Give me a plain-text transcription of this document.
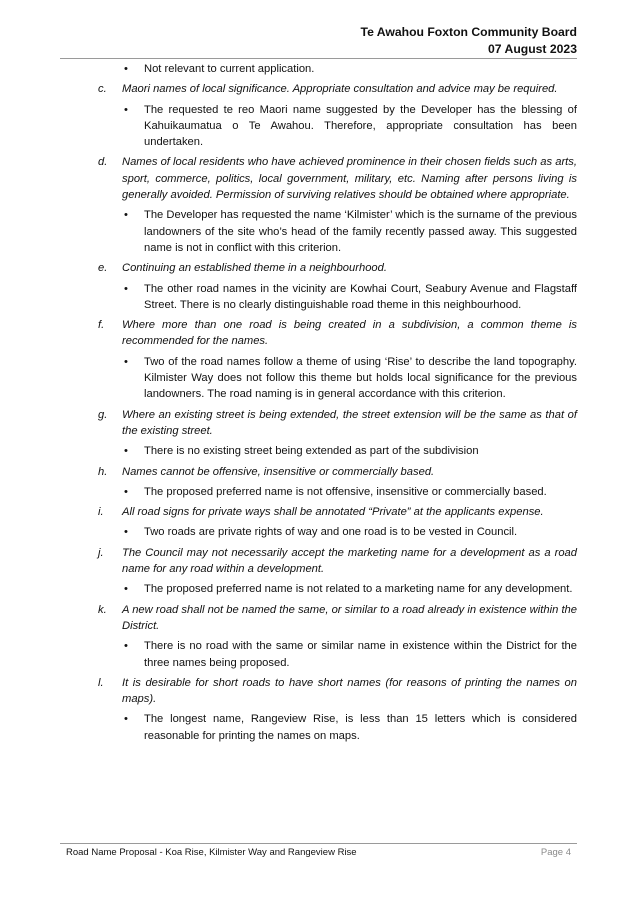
Te Awahou Foxton Community Board
07 August 2023
• Not relevant to current application.
c. Maori names of local significance. Appropriate consultation and advice may be required.
• The requested te reo Maori name suggested by the Developer has the blessing of Kahuikaumatua o Te Awahou. Therefore, appropriate consultation has been undertaken.
d. Names of local residents who have achieved prominence in their chosen fields such as arts, sport, commerce, politics, local government, military, etc. Naming after persons living is generally avoided. Permission of surviving relatives should be obtained where appropriate.
• The Developer has requested the name ‘Kilmister’ which is the surname of the previous landowners of the site who’s head of the family recently passed away. This suggested name is not in conflict with this criterion.
e. Continuing an established theme in a neighbourhood.
• The other road names in the vicinity are Kowhai Court, Seabury Avenue and Flagstaff Street. There is no clearly distinguishable road theme in this neighbourhood.
f. Where more than one road is being created in a subdivision, a common theme is recommended for the names.
• Two of the road names follow a theme of using ‘Rise’ to describe the land topography. Kilmister Way does not follow this theme but holds local significance for the previous landowners. The road naming is in general accordance with this criterion.
g. Where an existing street is being extended, the street extension will be the same as that of the existing street.
• There is no existing street being extended as part of the subdivision
h. Names cannot be offensive, insensitive or commercially based.
• The proposed preferred name is not offensive, insensitive or commercially based.
i. All road signs for private ways shall be annotated “Private” at the applicants expense.
• Two roads are private rights of way and one road is to be vested in Council.
j. The Council may not necessarily accept the marketing name for a development as a road name for any road within a development.
• The proposed preferred name is not related to a marketing name for any development.
k. A new road shall not be named the same, or similar to a road already in existence within the District.
• There is no road with the same or similar name in existence within the District for the three names being proposed.
l. It is desirable for short roads to have short names (for reasons of printing the names on maps).
• The longest name, Rangeview Rise, is less than 15 letters which is considered reasonable for printing the names on maps.
Road Name Proposal - Koa Rise, Kilmister Way and Rangeview Rise	Page 4
